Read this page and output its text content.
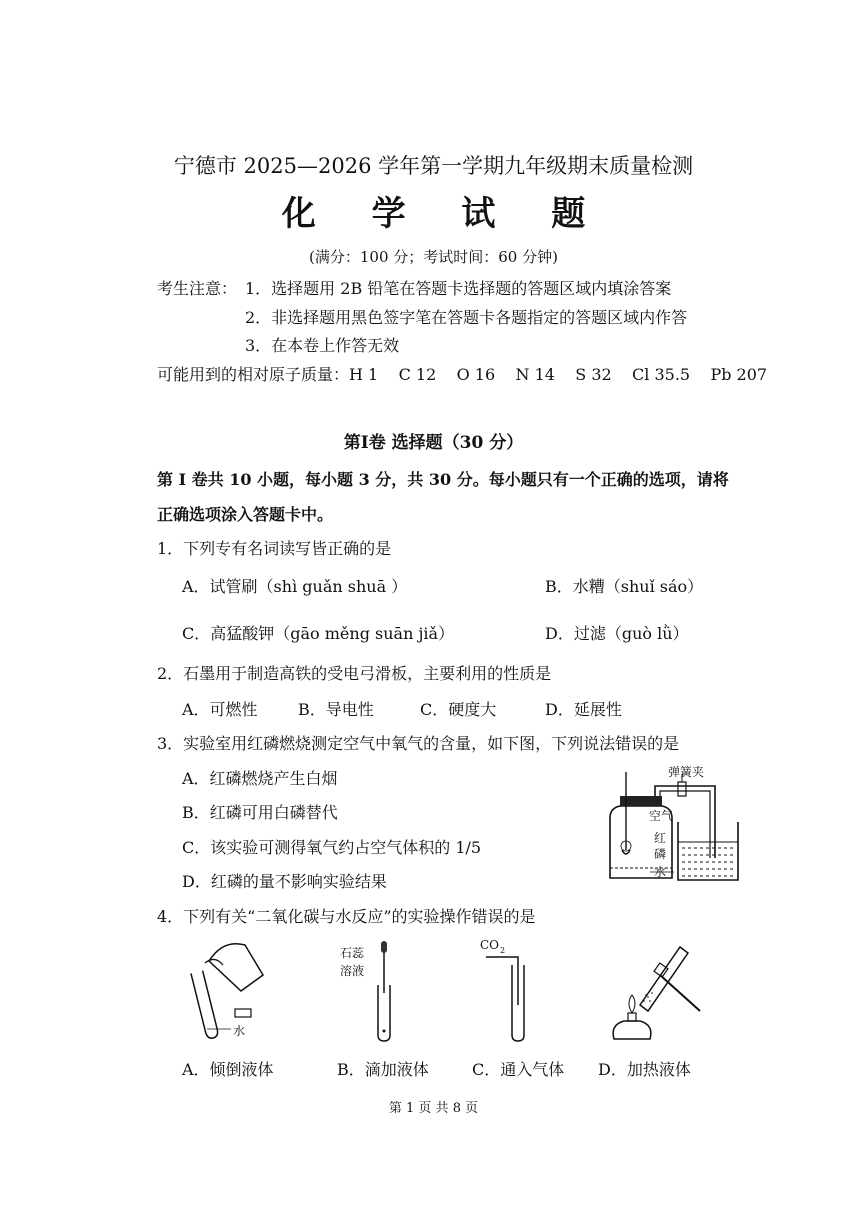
宁德市 2025—2026 学年第一学期九年级期末质量检测
化 学 试 题
(满分：100 分；考试时间：60 分钟)
考生注意： 1．选择题用 2B 铅笔在答题卡选择题的答题区域内填涂答案
2．非选择题用黑色签字笔在答题卡各题指定的答题区域内作答
3．在本卷上作答无效
可能用到的相对原子质量：H 1    C 12    O 16    N 14    S 32    Cl 35.5    Pb 207
第Ⅰ卷 选择题（30 分）
第 I 卷共 10 小题，每小题 3 分，共 30 分。每小题只有一个正确的选项，请将
正确选项涂入答题卡中。
1．下列专有名词读写皆正确的是
A．试管刷（shì guǎn shuā ）	B．水糟（shuǐ sáo）
C．高猛酸钾（gāo měng suān jiǎ）	D．过滤（guò lǜ）
2．石墨用于制造高铁的受电弓滑板，主要利用的性质是
A．可燃性	B．导电性	C．硬度大	D．延展性
3．实验室用红磷燃烧测定空气中氧气的含量，如下图，下列说法错误的是
A．红磷燃烧产生白烟
B．红磷可用白磷替代
C．该实验可测得氧气约占空气体积的 1/5
D．红磷的量不影响实验结果
弹簧夹
空气
红
磷
水
4．下列有关“二氧化碳与水反应”的实验操作错误的是
水
石蕊
溶液
CO 2
A．倾倒液体	B．滴加液体	C．通入气体 D．加热液体
第 1 页 共 8 页
